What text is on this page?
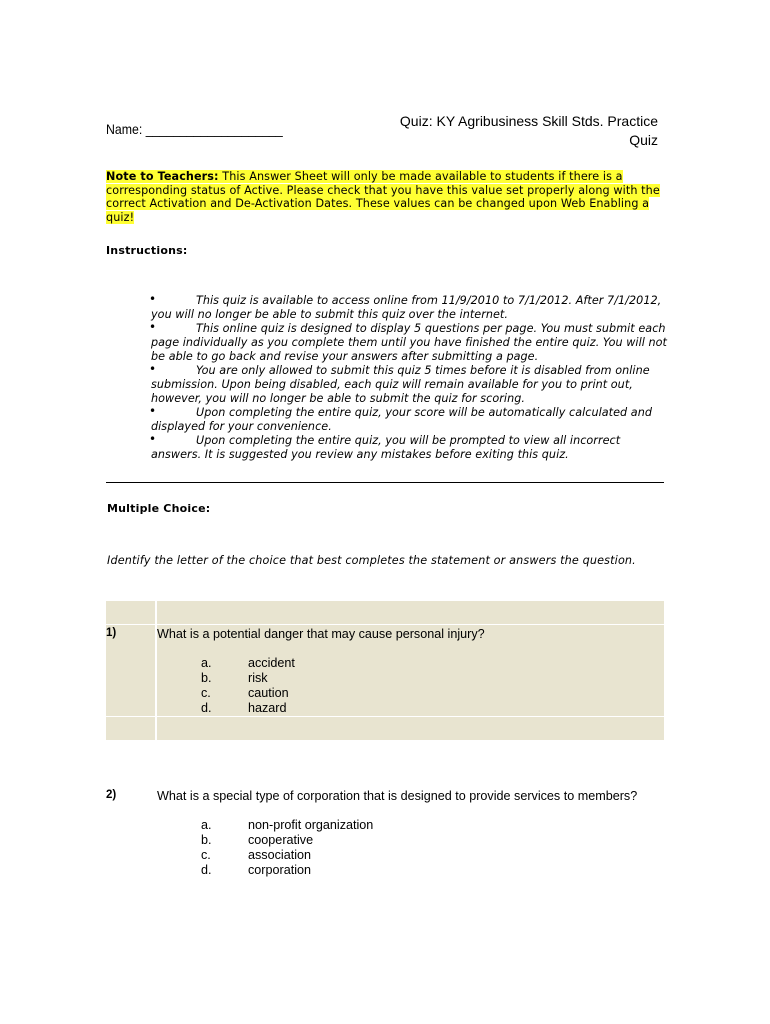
Name: ____________________	Quiz: KY Agribusiness Skill Stds. Practice
Quiz
Note to Teachers: This Answer Sheet will only be made available to students if there is a corresponding status of Active. Please check that you have this value set properly along with the correct Activation and De-Activation Dates. These values can be changed upon Web Enabling a quiz!
Instructions:
•	This quiz is available to access online from 11/9/2010 to 7/1/2012. After 7/1/2012, you will no longer be able to submit this quiz over the internet.
•	This online quiz is designed to display 5 questions per page. You must submit each page individually as you complete them until you have finished the entire quiz. You will not be able to go back and revise your answers after submitting a page.
•	You are only allowed to submit this quiz 5 times before it is disabled from online submission. Upon being disabled, each quiz will remain available for you to print out, however, you will no longer be able to submit the quiz for scoring.
•	Upon completing the entire quiz, your score will be automatically calculated and displayed for your convenience.
•	Upon completing the entire quiz, you will be prompted to view all incorrect answers. It is suggested you review any mistakes before exiting this quiz.
Multiple Choice:
Identify the letter of the choice that best completes the statement or answers the question.
1)	What is a potential danger that may cause personal injury?
a.	accident
b.	risk
c.	caution
d.	hazard
2)	What is a special type of corporation that is designed to provide services to members?
a.	non-profit organization
b.	cooperative
c.	association
d.	corporation
